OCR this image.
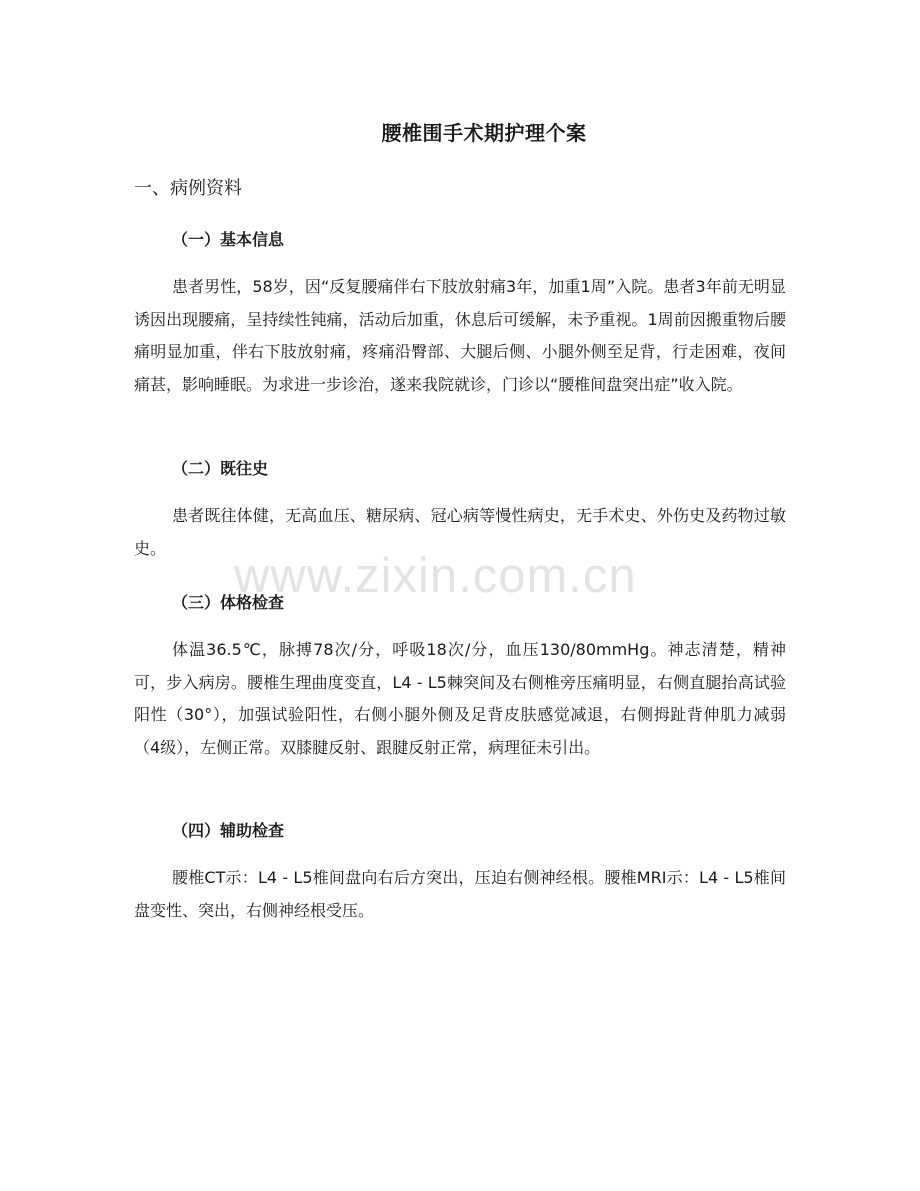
腰椎围手术期护理个案
一、病例资料
（一）基本信息

患者男性，58岁，因“反复腰痛伴右下肢放射痛3年，加重1周”入院。患者3年前无明显诱因出现腰痛，呈持续性钝痛，活动后加重，休息后可缓解，未予重视。1周前因搬重物后腰痛明显加重，伴右下肢放射痛，疼痛沿臀部、大腿后侧、小腿外侧至足背，行走困难，夜间痛甚，影响睡眠。为求进一步诊治，遂来我院就诊，门诊以“腰椎间盘突出症”收入院。

（二）既往史

患者既往体健，无高血压、糖尿病、冠心病等慢性病史，无手术史、外伤史及药物过敏史。

（三）体格检查

体温36.5℃，脉搏78次/分，呼吸18次/分，血压130/80mmHg。神志清楚，精神可，步入病房。腰椎生理曲度变直，L4 - L5棘突间及右侧椎旁压痛明显，右侧直腿抬高试验阳性（30°），加强试验阳性，右侧小腿外侧及足背皮肤感觉减退，右侧拇趾背伸肌力减弱（4级），左侧正常。双膝腱反射、跟腱反射正常，病理征未引出。

（四）辅助检查

腰椎CT示：L4 - L5椎间盘向右后方突出，压迫右侧神经根。腰椎MRI示：L4 - L5椎间盘变性、突出，右侧神经根受压。

www.zixin.com.cn
